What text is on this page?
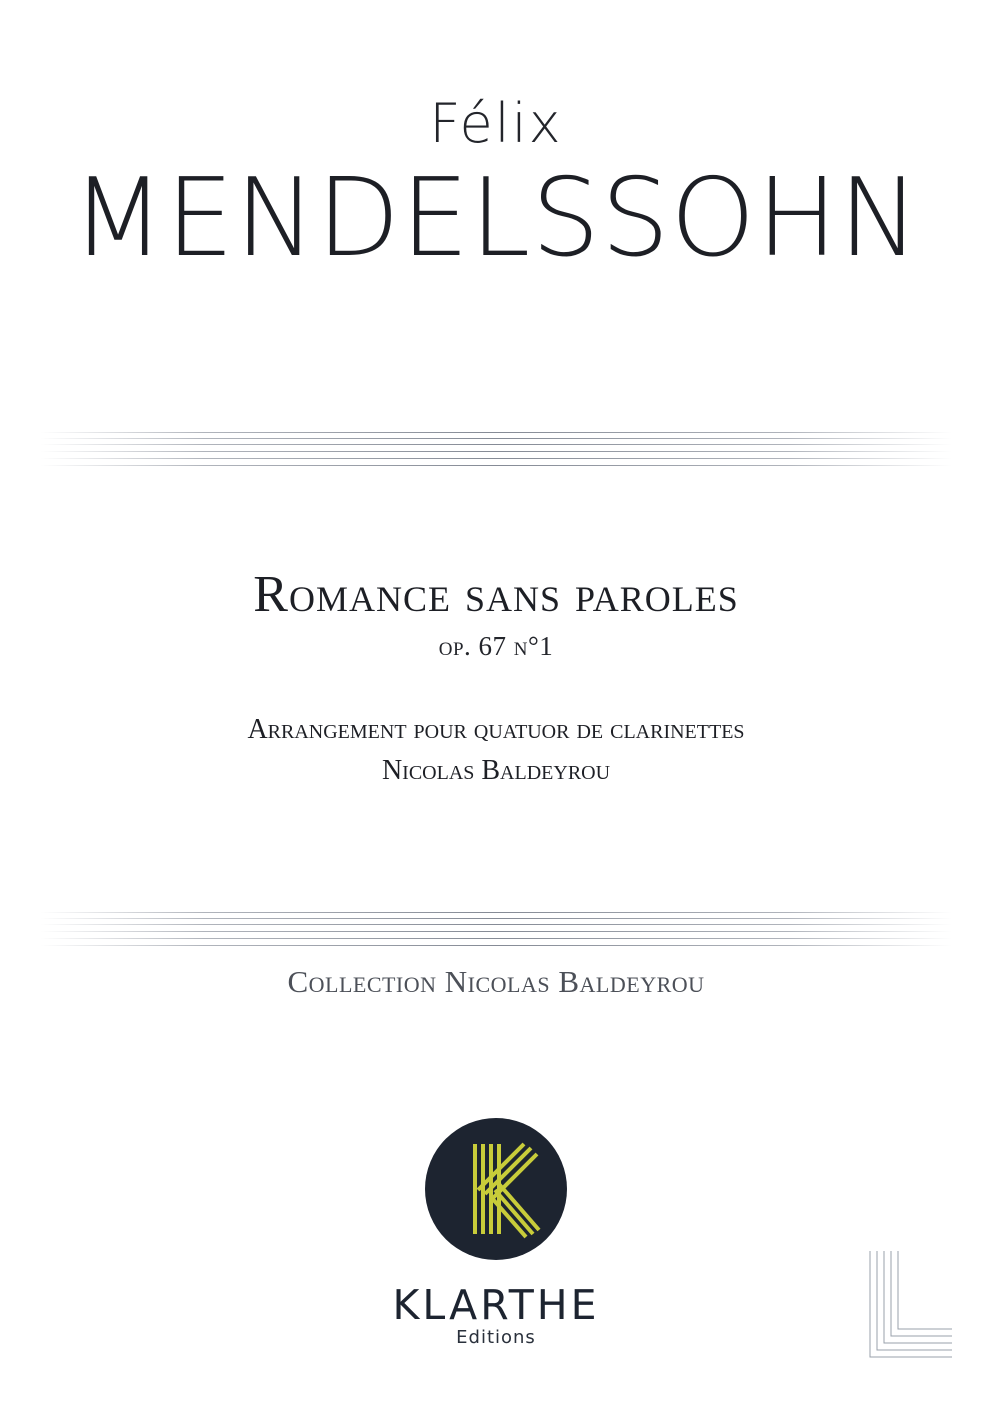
Félix
MENDELSSOHN
Romance sans paroles
op. 67 n°1
Arrangement pour quatuor de clarinettes
Nicolas Baldeyrou
Collection Nicolas Baldeyrou
KLARTHE
Editions
